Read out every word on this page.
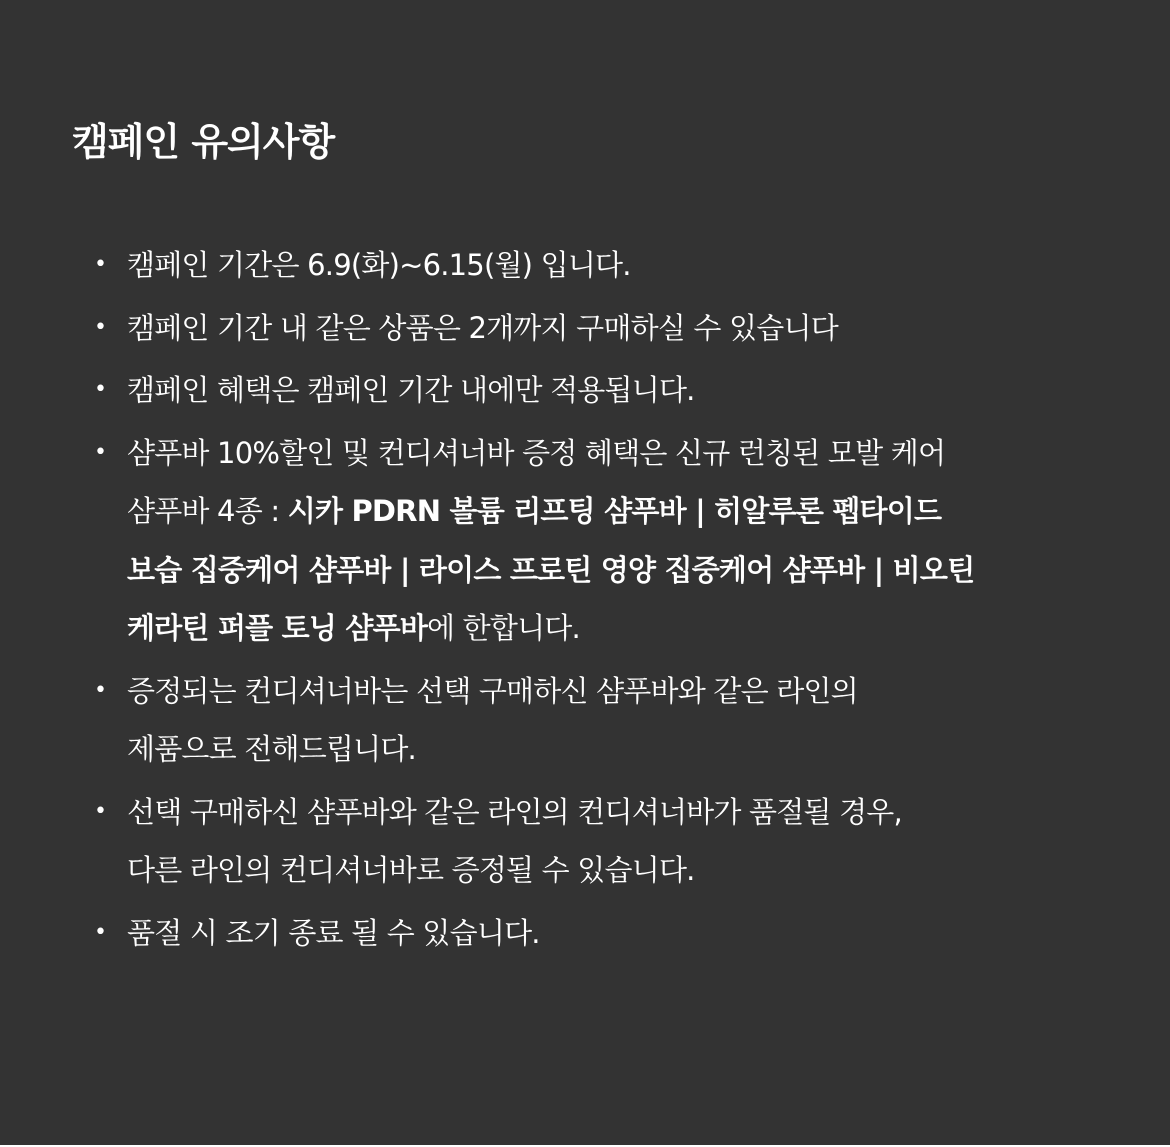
캠페인 유의사항
• 캠페인 기간은 6.9(화)~6.15(월) 입니다.
• 캠페인 기간 내 같은 상품은 2개까지 구매하실 수 있습니다
• 캠페인 혜택은 캠페인 기간 내에만 적용됩니다.
• 샴푸바 10%할인 및 컨디셔너바 증정 혜택은 신규 런칭된 모발 케어
샴푸바 4종 : 시카 PDRN 볼륨 리프팅 샴푸바 | 히알루론 펩타이드
보습 집중케어 샴푸바 | 라이스 프로틴 영양 집중케어 샴푸바 | 비오틴
케라틴 퍼플 토닝 샴푸바에 한합니다.
• 증정되는 컨디셔너바는 선택 구매하신 샴푸바와 같은 라인의
제품으로 전해드립니다.
• 선택 구매하신 샴푸바와 같은 라인의 컨디셔너바가 품절될 경우,
다른 라인의 컨디셔너바로 증정될 수 있습니다.
• 품절 시 조기 종료 될 수 있습니다.
